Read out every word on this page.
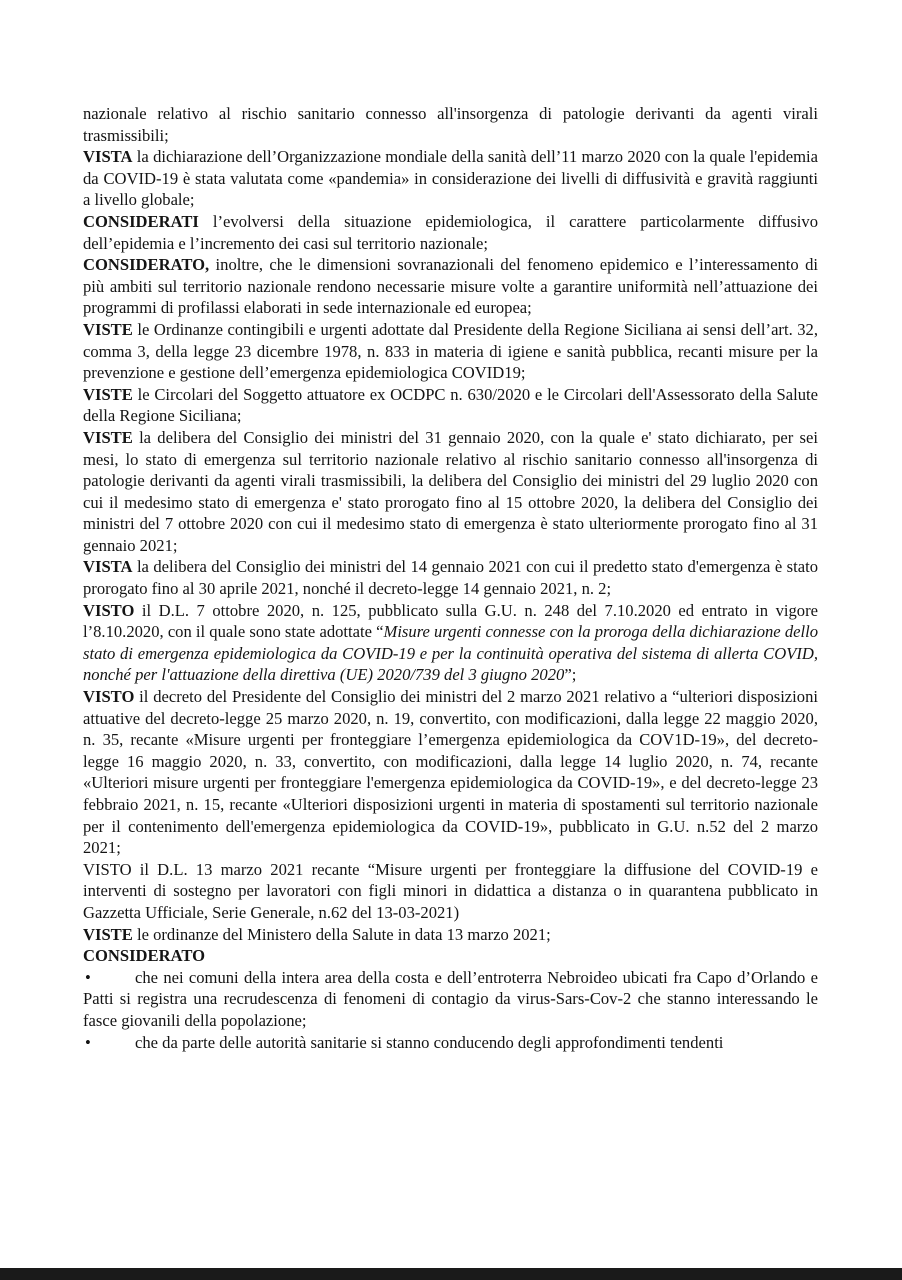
nazionale relativo al rischio sanitario connesso all'insorgenza di patologie derivanti da agenti virali trasmissibili;

VISTA la dichiarazione dell’Organizzazione mondiale della sanità dell’11 marzo 2020 con la quale l'epidemia da COVID-19 è stata valutata come «pandemia» in considerazione dei livelli di diffusività e gravità raggiunti a livello globale;

CONSIDERATI l’evolversi della situazione epidemiologica, il carattere particolarmente diffusivo dell’epidemia e l’incremento dei casi sul territorio nazionale;

CONSIDERATO, inoltre, che le dimensioni sovranazionali del fenomeno epidemico e l’interessamento di più ambiti sul territorio nazionale rendono necessarie misure volte a garantire uniformità nell’attuazione dei programmi di profilassi elaborati in sede internazionale ed europea;

VISTE le Ordinanze contingibili e urgenti adottate dal Presidente della Regione Siciliana ai sensi dell’art. 32, comma 3, della legge 23 dicembre 1978, n. 833 in materia di igiene e sanità pubblica, recanti misure per la prevenzione e gestione dell’emergenza epidemiologica COVID19;

VISTE le Circolari del Soggetto attuatore ex OCDPC n. 630/2020 e le Circolari dell'Assessorato della Salute della Regione Siciliana;

VISTE la delibera del Consiglio dei ministri del 31 gennaio 2020, con la quale e' stato dichiarato, per sei mesi, lo stato di emergenza sul territorio nazionale relativo al rischio sanitario connesso all'insorgenza di patologie derivanti da agenti virali trasmissibili, la delibera del Consiglio dei ministri del 29 luglio 2020 con cui il medesimo stato di emergenza e' stato prorogato fino al 15 ottobre 2020, la delibera del Consiglio dei ministri del 7 ottobre 2020 con cui il medesimo stato di emergenza è stato ulteriormente prorogato fino al 31 gennaio 2021;

VISTA la delibera del Consiglio dei ministri del 14 gennaio 2021 con cui il predetto stato d'emergenza è stato prorogato fino al 30 aprile 2021, nonché il decreto-legge 14 gennaio 2021, n. 2;

VISTO il D.L. 7 ottobre 2020, n. 125, pubblicato sulla G.U. n. 248 del 7.10.2020 ed entrato in vigore l’8.10.2020, con il quale sono state adottate “Misure urgenti connesse con la proroga della dichiarazione dello stato di emergenza epidemiologica da COVID-19 e per la continuità operativa del sistema di allerta COVID, nonché per l'attuazione della direttiva (UE) 2020/739 del 3 giugno 2020”;

VISTO il decreto del Presidente del Consiglio dei ministri del 2 marzo 2021 relativo a “ulteriori disposizioni attuative del decreto-legge 25 marzo 2020, n. 19, convertito, con modificazioni, dalla legge 22 maggio 2020, n. 35, recante «Misure urgenti per fronteggiare l’emergenza epidemiologica da COV1D-19», del decreto-legge 16 maggio 2020, n. 33, convertito, con modificazioni, dalla legge 14 luglio 2020, n. 74, recante «Ulteriori misure urgenti per fronteggiare l'emergenza epidemiologica da COVID-19», e del decreto-legge 23 febbraio 2021, n. 15, recante «Ulteriori disposizioni urgenti in materia di spostamenti sul territorio nazionale per il contenimento dell'emergenza epidemiologica da COVID-19», pubblicato in G.U. n.52 del 2 marzo 2021;

VISTO il D.L. 13 marzo 2021 recante “Misure urgenti per fronteggiare la diffusione del COVID-19 e interventi di sostegno per lavoratori con figli minori in didattica a distanza o in quarantena pubblicato in Gazzetta Ufficiale, Serie Generale, n.62 del 13-03-2021)

VISTE le ordinanze del Ministero della Salute in data 13 marzo 2021;

CONSIDERATO

•	che nei comuni della intera area della costa e dell’entroterra Nebroideo ubicati fra Capo d’Orlando e Patti si registra una recrudescenza di fenomeni di contagio da virus-Sars-Cov-2 che stanno interessando le fasce giovanili della popolazione;

•	che da parte delle autorità sanitarie si stanno conducendo degli approfondimenti tendenti
